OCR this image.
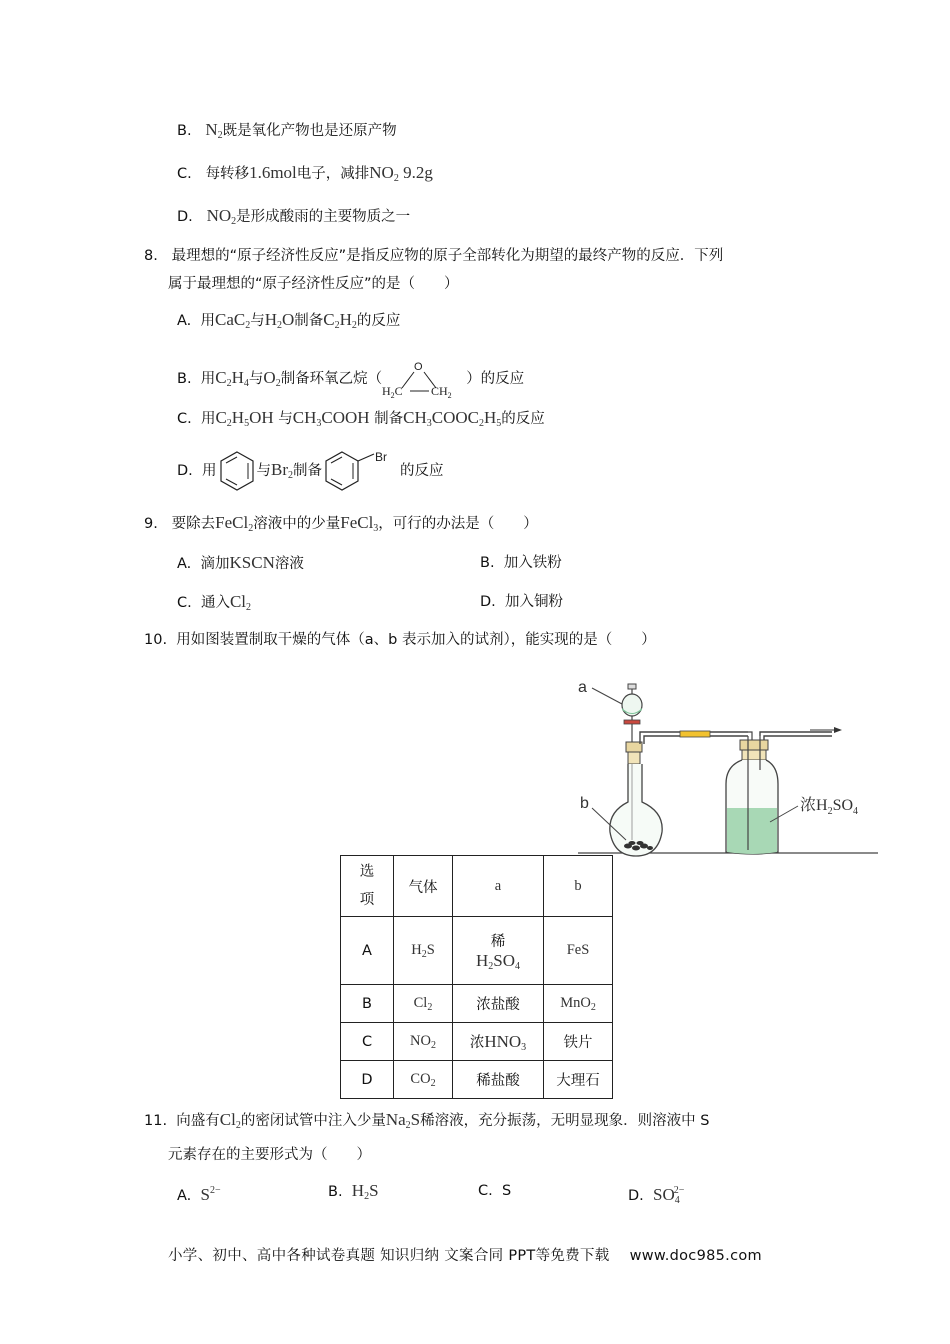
B. $N_2$既是氧化产物也是还原产物
C. 每转移1.6mol电子，减排$NO_2$ 9.2g
D. $NO_2$是形成酸雨的主要物质之一
8. 最理想的“原子经济性反应”是指反应物的原子全部转化为期望的最终产物的反应．下列
属于最理想的“原子经济性反应”的是（　　）
A. 用CaC$_2$与$H_2O$制备$C_2H_2$的反应
B. 用$C_2H_4$与$O_2$制备环氧乙烷（
O
$H_2C$ $CH_2$
）的反应
C. 用$C_2H_5OH$ 与$CH_3COOH$ 制备$CH_3COOC_2H_5$的反应
D. 用	与$Br_2$制备
Br
的反应
9. 要除去FeCl$_2$溶液中的少量FeCl$_3$，可行的办法是（　　）
A. 滴加KSCN溶液	B. 加入铁粉
C. 通入$Cl_2$	D. 加入铜粉
10. 用如图装置制取干燥的气体（a、b 表示加入的试剂），能实现的是（　　）
a
b	浓$H_2SO_4$
选项	气体	a	b
A	$H_2S$	稀
$H_2SO_4$	FeS
B	$Cl_2$	浓盐酸	MnO$_2$
C	$NO_2$	浓$HNO_3$	铁片
D	$CO_2$	稀盐酸	大理石
11. 向盛有$Cl_2$的密闭试管中注入少量$Na_2S$稀溶液，充分振荡，无明显现象．则溶液中 S
元素存在的主要形式为（　　）
A. $S^{2-}$	B. $H_2S$	C. S	D. $SO_4^{2-}$
小学、初中、高中各种试卷真题 知识归纳 文案合同 PPT等免费下载 www.doc985.com
